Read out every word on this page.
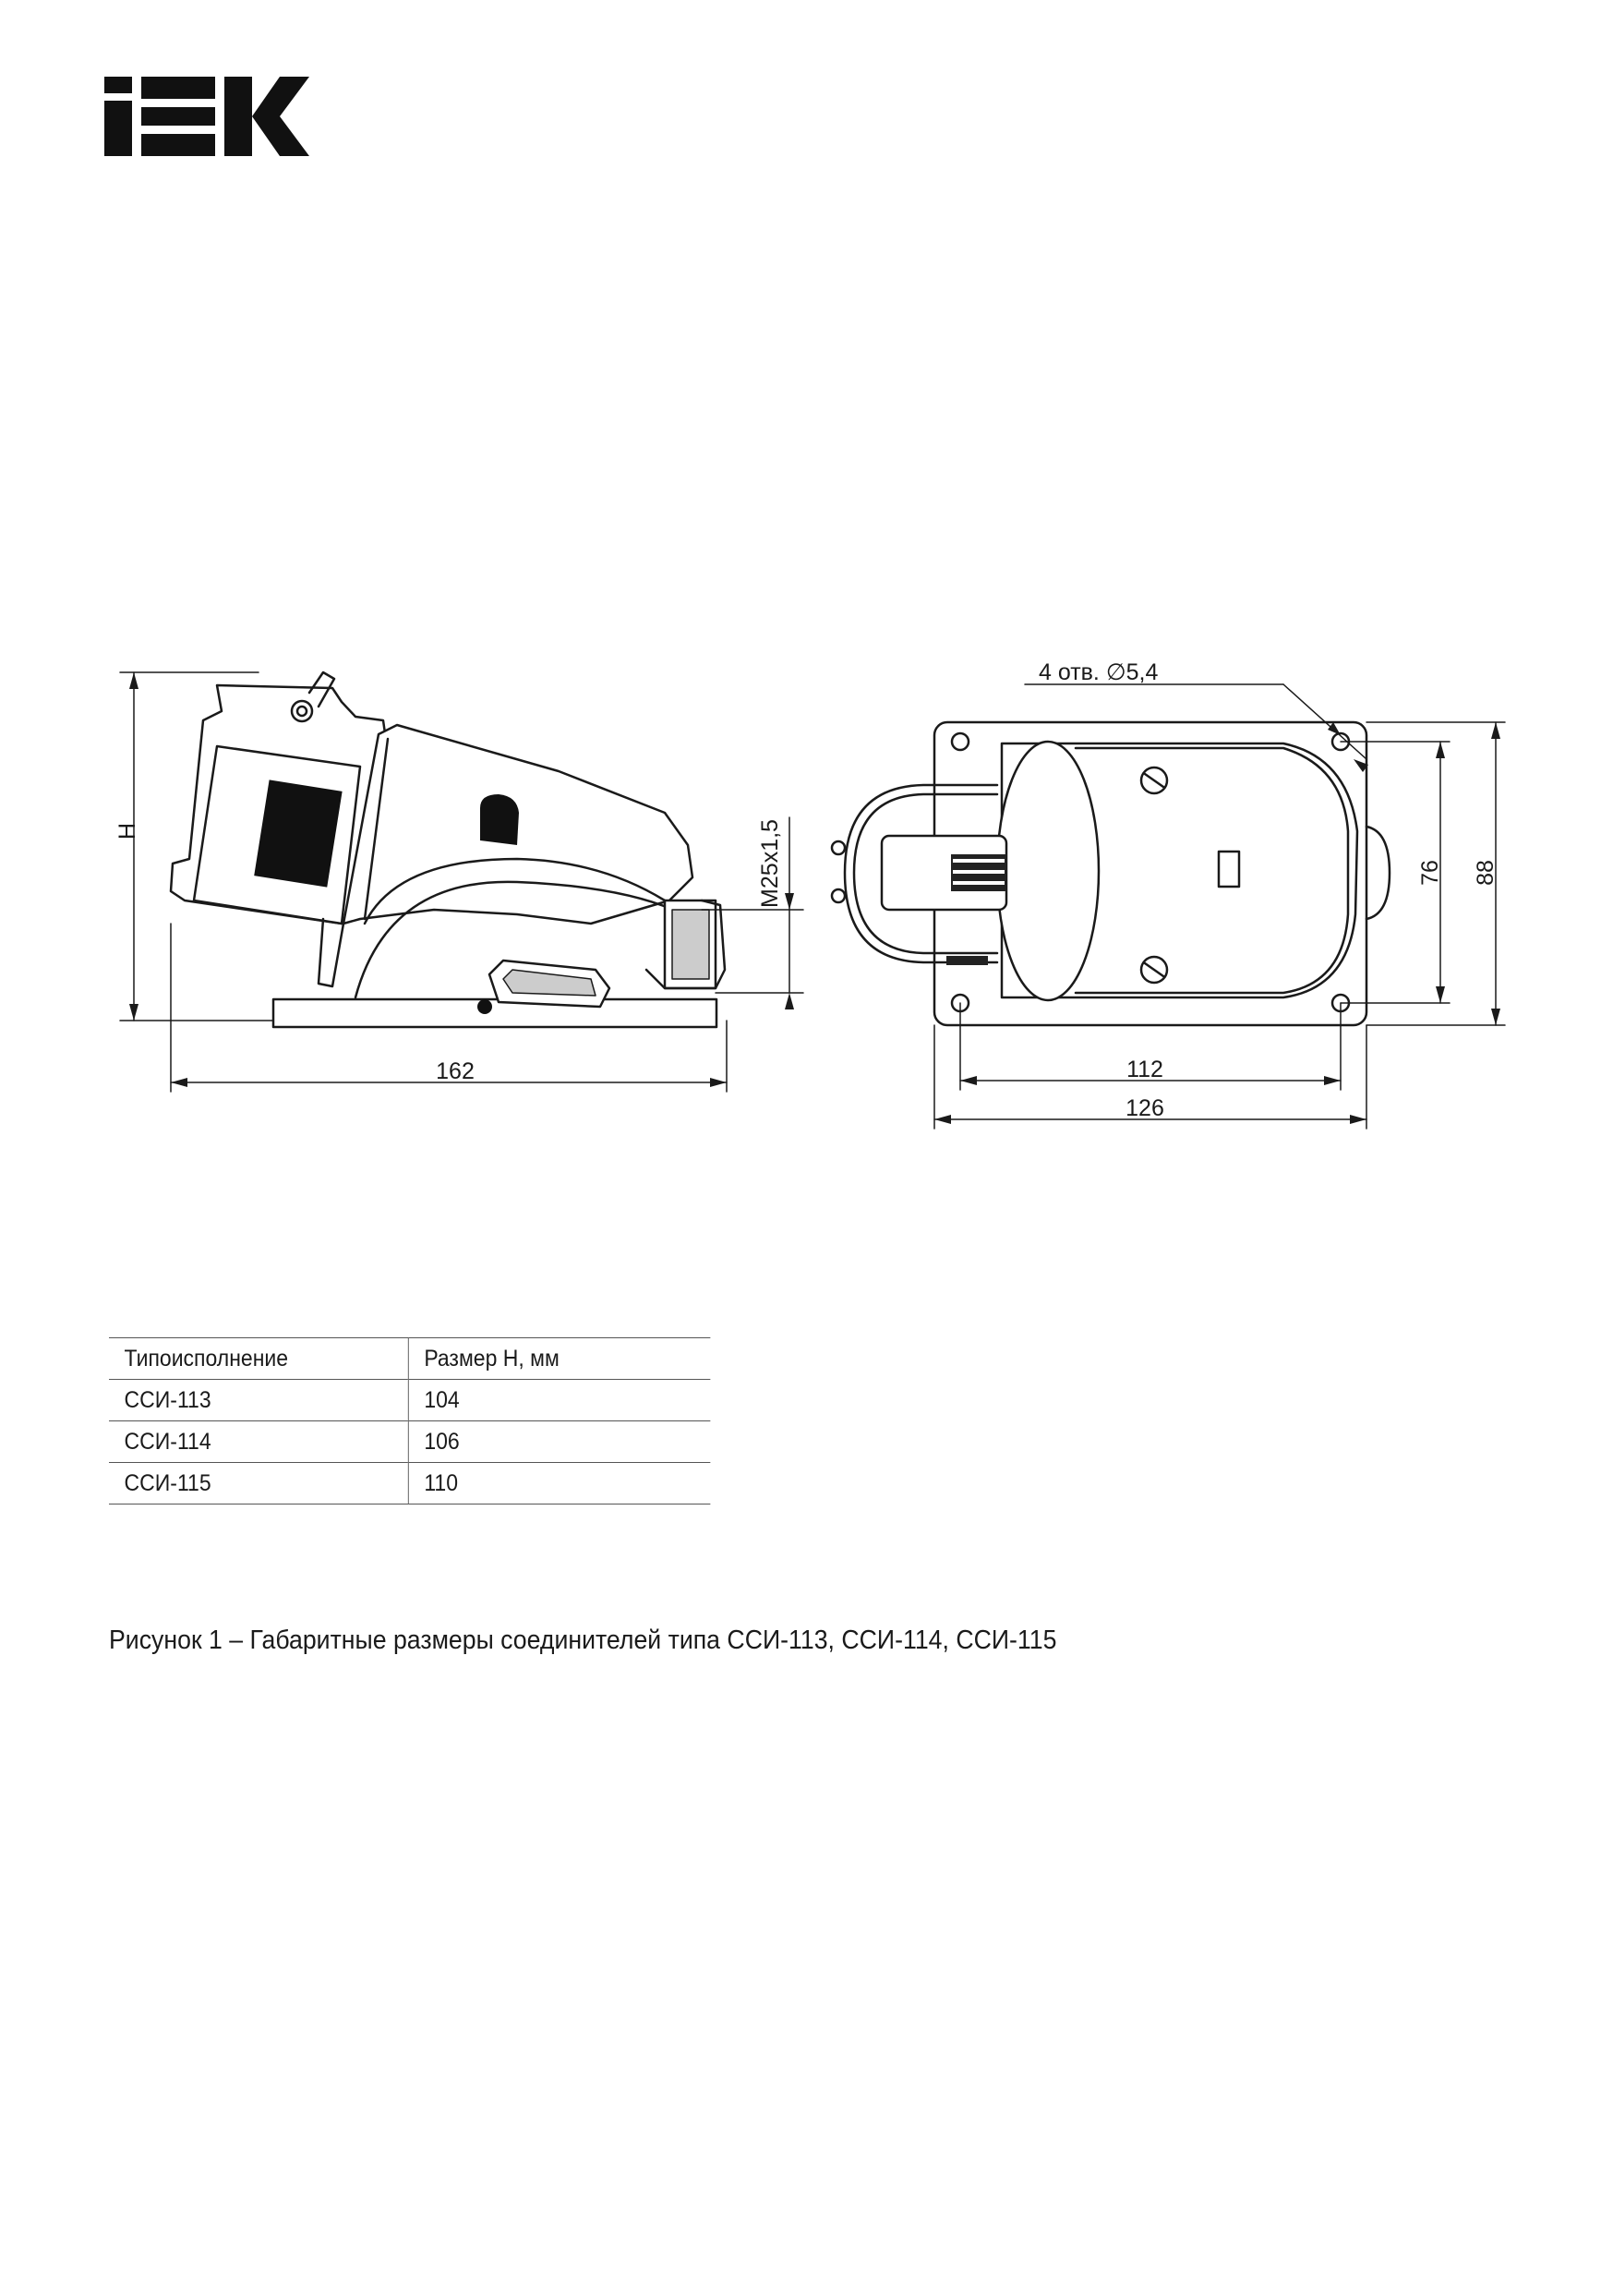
H
162
M25x1,5
4 отв. ∅5,4
76 88
112
126
Типоисполнение	Размер H, мм
ССИ-113	104
ССИ-114	106
ССИ-115	110
Рисунок 1 – Габаритные размеры соединителей типа ССИ-113, ССИ-114, ССИ-115
